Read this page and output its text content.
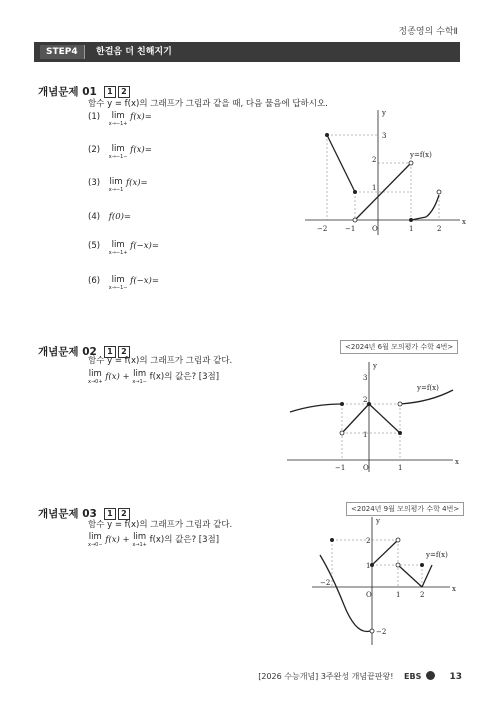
정종영의 수학Ⅱ
STEP4	한걸음 더 친해지기
개념문제 01 1 2
함수 y = f(x)의 그래프가 그림과 같을 때, 다음 물음에 답하시오.
(1) lim
x→−1+
f(x)=
(2) lim
x→−1−
f(x)=
(3) lim
x→−1
f(x)=
(4) f(0)=
(5) lim
x→−1+
f(−x)=
(6) lim
x→−1−
f(−x)=
y
x
O
y=f(x)
−2	−1	1	2
1
2
3
개념문제 02 1 2	<2024년 6월 모의평가 수학 4번>
함수 y = f(x)의 그래프가 그림과 같다.
lim
x→0+ f(x) + lim
x→1− f(x)의 값은? [3점]
y
x
O
y=f(x)
−1	1
1
2
3
개념문제 03 1 2	<2024년 9월 모의평가 수학 4번>
함수 y = f(x)의 그래프가 그림과 같다.
lim
x→0− f(x) + lim
x→1+ f(x)의 값은? [3점]
y
x
O
y=f(x)
−2
1	2
1
2
−2
[2026 수능개념] 3주완성 개념끝판왕! EBS	13
